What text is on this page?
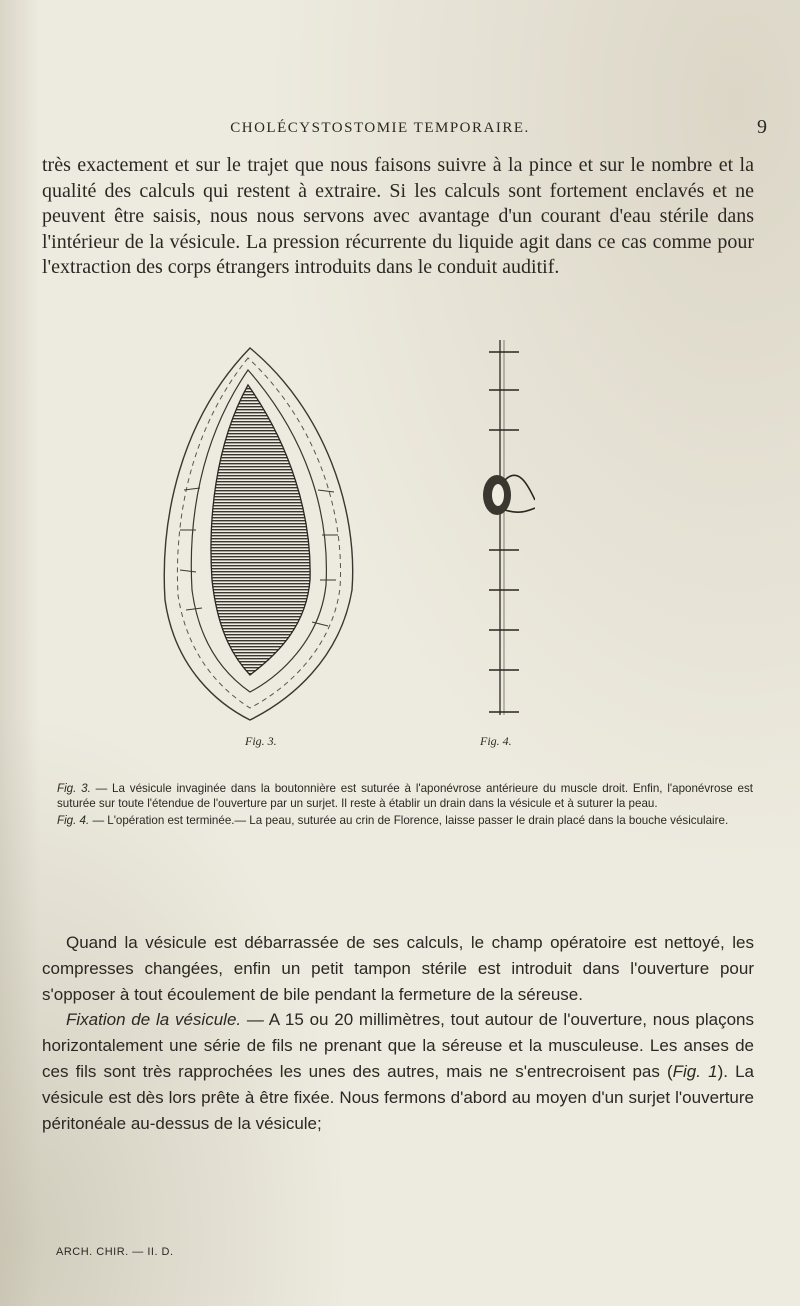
CHOLÉCYSTOSTOMIE TEMPORAIRE.	9
très exactement et sur le trajet que nous faisons suivre à la pince et sur le nombre et la qualité des calculs qui restent à extraire. Si les calculs sont fortement enclavés et ne peuvent être saisis, nous nous servons avec avantage d'un courant d'eau stérile dans l'intérieur de la vésicule. La pression récurrente du liquide agit dans ce cas comme pour l'extraction des corps étrangers introduits dans le conduit auditif.
Fig. 3.	Fig. 4.

Fig. 3. — La vésicule invaginée dans la boutonnière est suturée à l'aponévrose antérieure du muscle droit. Enfin, l'aponévrose est suturée sur toute l'étendue de l'ouverture par un surjet. Il reste à établir un drain dans la vésicule et à suturer la peau.

Fig. 4. — L'opération est terminée.— La peau, suturée au crin de Florence, laisse passer le drain placé dans la bouche vésiculaire.

Quand la vésicule est débarrassée de ses calculs, le champ opératoire est nettoyé, les compresses changées, enfin un petit tampon stérile est introduit dans l'ouverture pour s'opposer à tout écoulement de bile pendant la fermeture de la séreuse.

Fixation de la vésicule. — A 15 ou 20 millimètres, tout autour de l'ouverture, nous plaçons horizontalement une série de fils ne prenant que la séreuse et la musculeuse. Les anses de ces fils sont très rapprochées les unes des autres, mais ne s'entrecroisent pas (Fig. 1). La vésicule est dès lors prête à être fixée. Nous fermons d'abord au moyen d'un surjet l'ouverture péritonéale au-dessus de la vésicule;

ARCH. CHIR. — II. D.
